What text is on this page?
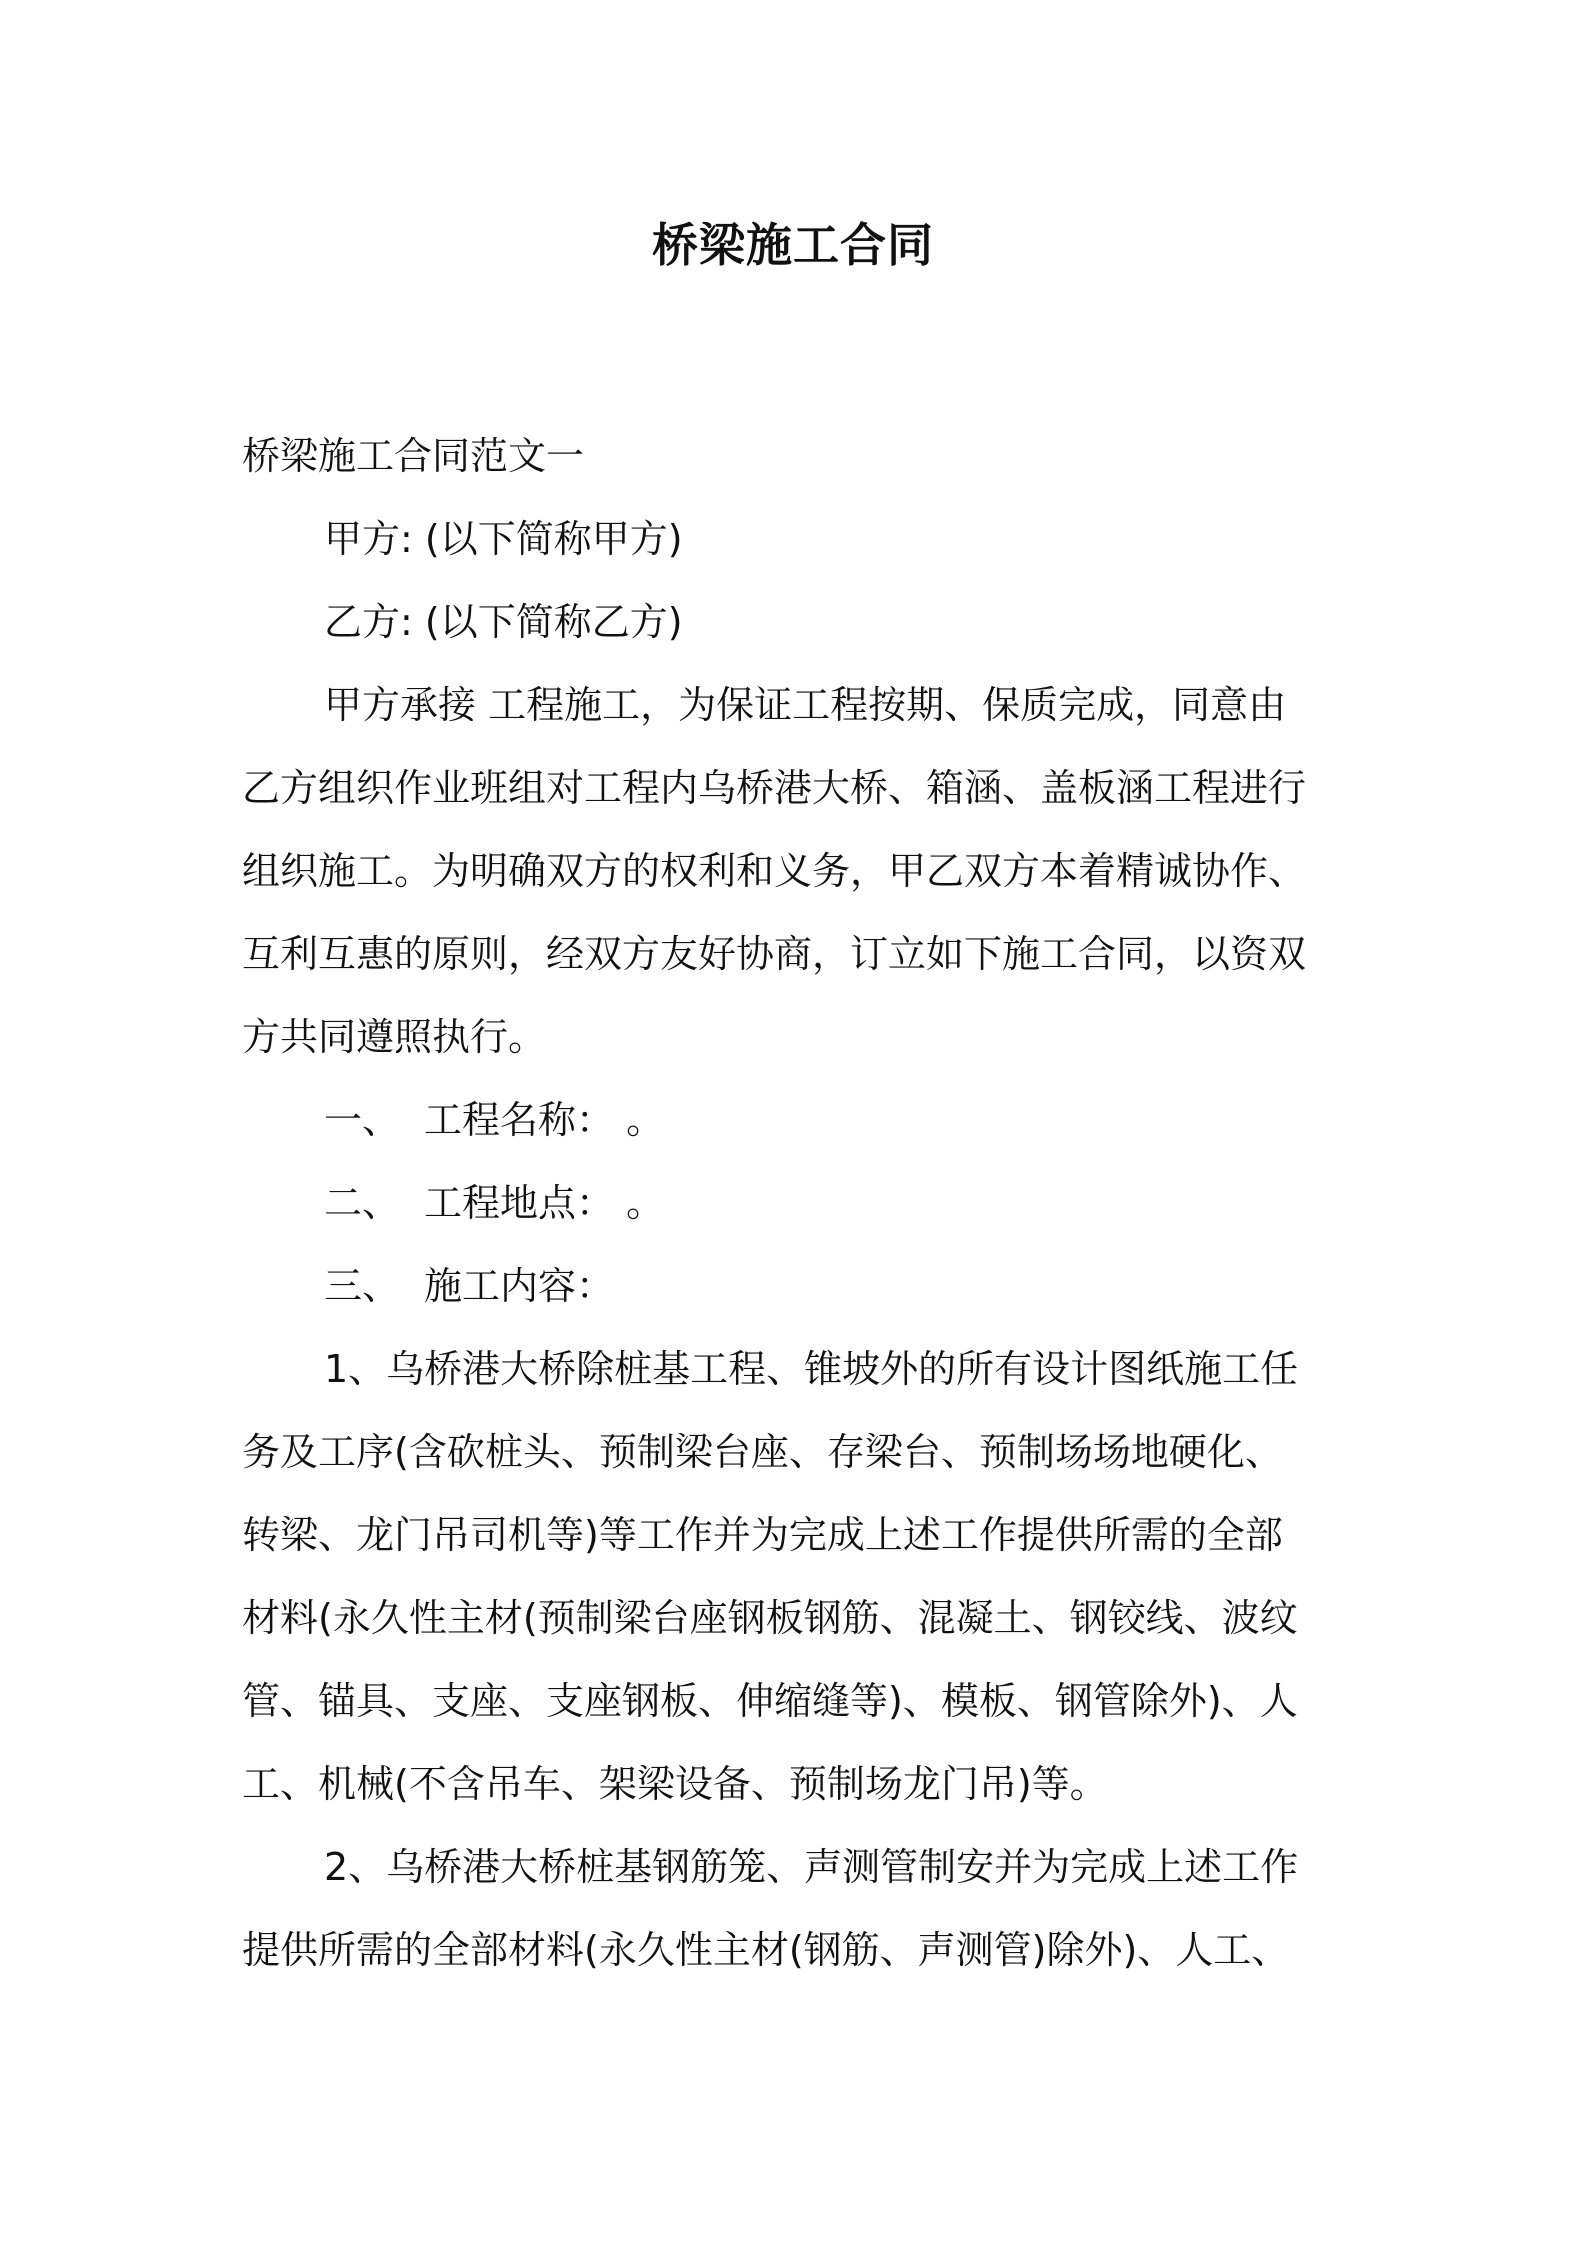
桥梁施工合同
桥梁施工合同范文一
甲方: (以下简称甲方)
乙方: (以下简称乙方)
甲方承接 工程施工，为保证工程按期、保质完成，同意由
乙方组织作业班组对工程内乌桥港大桥、箱涵、盖板涵工程进行
组织施工。为明确双方的权利和义务，甲乙双方本着精诚协作、
互利互惠的原则，经双方友好协商，订立如下施工合同，以资双
方共同遵照执行。
一、 工程名称： 。
二、 工程地点： 。
三、 施工内容：
1、乌桥港大桥除桩基工程、锥坡外的所有设计图纸施工任
务及工序(含砍桩头、预制梁台座、存梁台、预制场场地硬化、
转梁、龙门吊司机等)等工作并为完成上述工作提供所需的全部
材料(永久性主材(预制梁台座钢板钢筋、混凝土、钢铰线、波纹
管、锚具、支座、支座钢板、伸缩缝等)、模板、钢管除外)、人
工、机械(不含吊车、架梁设备、预制场龙门吊)等。
2、乌桥港大桥桩基钢筋笼、声测管制安并为完成上述工作
提供所需的全部材料(永久性主材(钢筋、声测管)除外)、人工、
